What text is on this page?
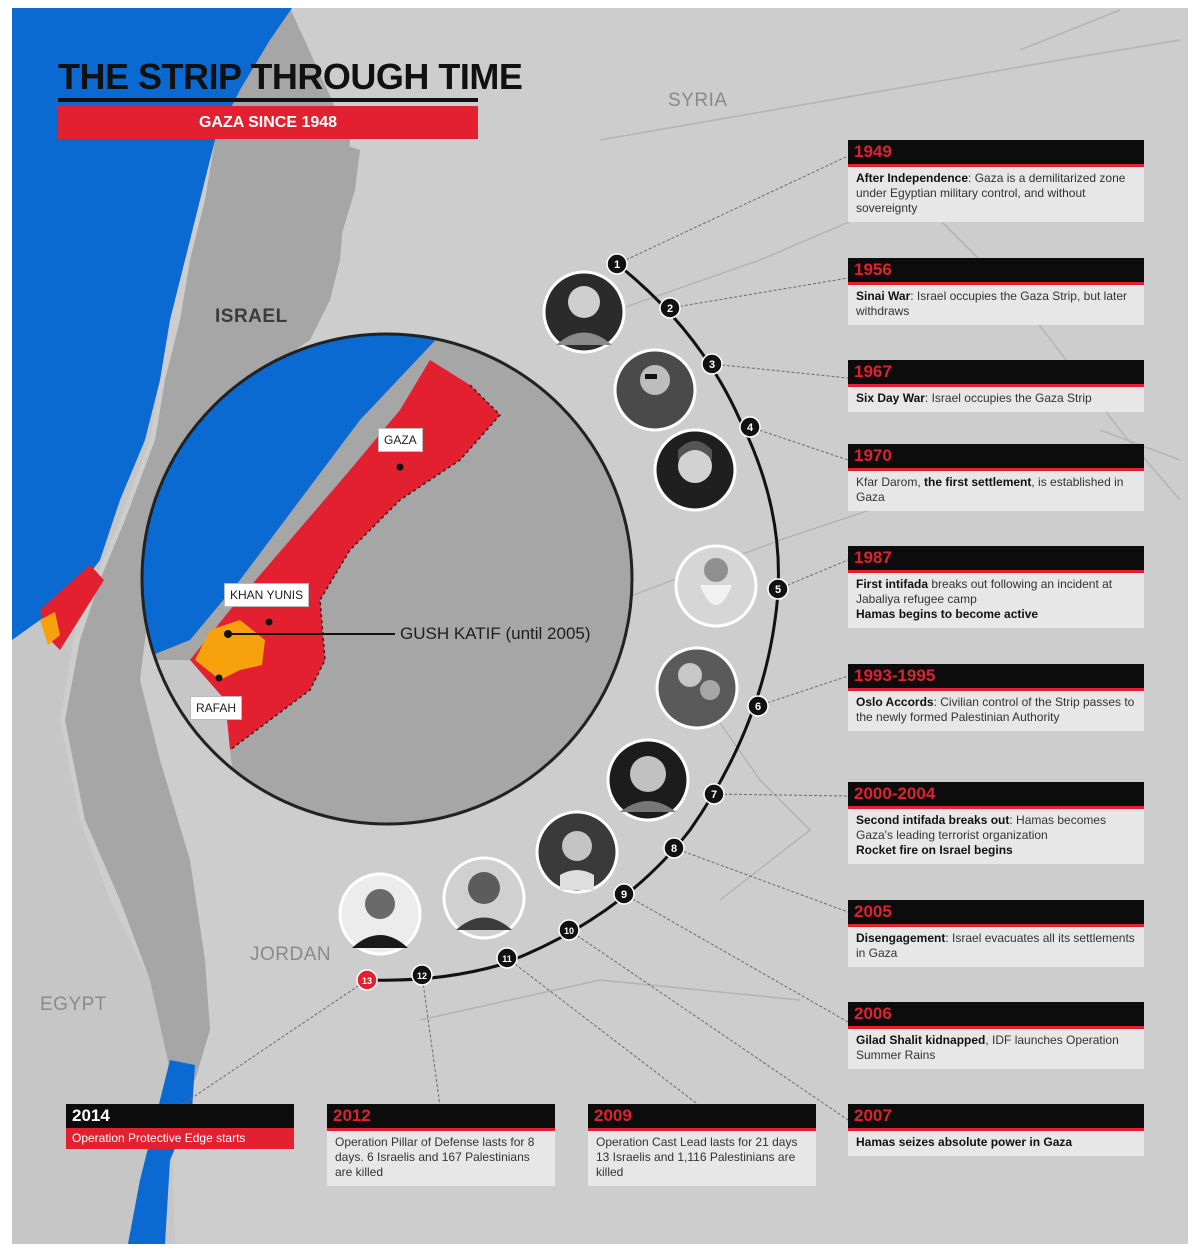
1
2
3
4
5
6
7
8
9
10
11
12
13
THE STRIP THROUGH TIME
GAZA SINCE 1948
SYRIA
ISRAEL
JORDAN
EGYPT
GAZA
KHAN YUNIS
RAFAH
GUSH KATIF (until 2005)
1949
After Independence: Gaza is a demilitarized zone under Egyptian military control, and without sovereignty
1956
Sinai War: Israel occupies the Gaza Strip, but later withdraws
1967
Six Day War: Israel occupies the Gaza Strip
1970
Kfar Darom, the first settlement, is established in Gaza
1987
First intifada breaks out following an incident at Jabaliya refugee camp
Hamas begins to become active
1993-1995
Oslo Accords: Civilian control of the Strip passes to the newly formed Palestinian Authority
2000-2004
Second intifada breaks out: Hamas becomes Gaza's leading terrorist organization
Rocket fire on Israel begins
2005
Disengagement: Israel evacuates all its settlements in Gaza
2006
Gilad Shalit kidnapped, IDF launches Operation Summer Rains
2007
Hamas seizes absolute power in Gaza
2009
Operation Cast Lead lasts for 21 days 13 Israelis and 1,116 Palestinians are killed
2012
Operation Pillar of Defense lasts for 8 days. 6 Israelis and 167 Palestinians are killed
2014
Operation Protective Edge starts
